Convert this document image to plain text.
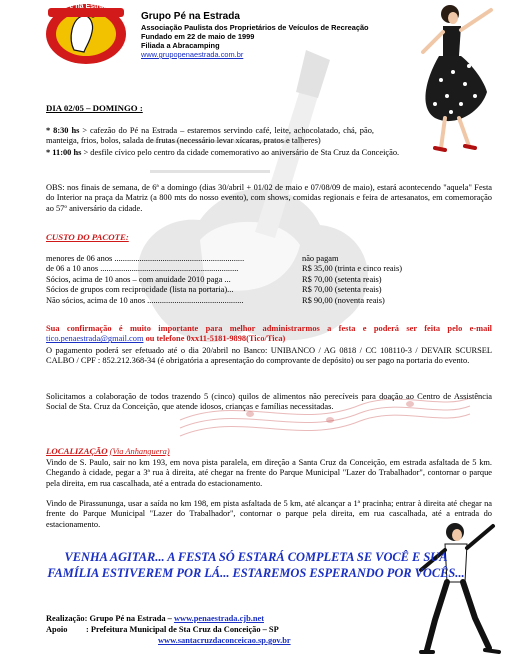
Pé na Estrada
Grupo Pé na Estrada
Associação Paulista dos Proprietários de Veículos de Recreação
Fundado em 22 de maio de 1999
Filiada a Abracamping
www.grupopenaestrada.com.br
DIA 02/05 – DOMINGO :

* 8:30 hs > cafezão do Pé na Estrada – estaremos servindo café, leite, achocolatado, chá, pão, manteiga, frios, bolos, salada de frutas (necessário levar xícaras, pratos e talheres)

* 11:00 hs > desfile cívico pelo centro da cidade comemorativo ao aniversário de Sta Cruz da Conceição.

OBS: nos finais de semana, de 6ª a domingo (dias 30/abril + 01/02 de maio e 07/08/09 de maio), estará acontecendo "aquela" Festa do Interior na praça da Matriz (a 800 mts do nosso evento), com shows, comidas regionais e feira de artesanatos, em comemoração ao 57º aniversário da cidade.

CUSTO DO PACOTE:
menores de 06 anos ..............................................................	não pagam
de 06 a 10 anos ..................................................................	R$ 35,00 (trinta e cinco reais)
Sócios, acima de 10 anos – com anuidade 2010 paga ...	R$ 70,00 (setenta reais)
Sócios de grupos com reciprocidade (lista na portaria)...	R$ 70,00 (setenta reais)
Não sócios, acima de 10 anos ..............................................	R$ 90,00 (noventa reais)

Sua confirmação é muito importante para melhor administrarmos a festa e poderá ser feita pelo e-mail tico.penaestrada@gmail.com ou telefone 0xx11-5181-9898(Tico/Tica)

O pagamento poderá ser efetuado até o dia 20/abril no Banco: UNIBANCO / AG 0818 / CC 108110-3 / DEVAIR SCURSEL CALBO / CPF : 852.212.368-34 (é obrigatória a apresentação do comprovante de depósito) ou ser pago na portaria do evento.

Solicitamos a colaboração de todos trazendo 5 (cinco) quilos de alimentos não perecíveis para doação ao Centro de Assistência Social de Sta. Cruz da Conceição, que atende idosos, crianças e famílias necessitadas.

LOCALIZAÇÃO (Via Anhanguera)

Vindo de S. Paulo, sair no km 193, em nova pista paralela, em direção a Santa Cruz da Conceição, em estrada asfaltada de 5 km. Chegando à cidade, pegar a 3ª rua à direita, até chegar na frente do Parque Municipal "Lazer do Trabalhador", contornar o parque pela direita, em rua cascalhada, até a entrada do estacionamento.

Vindo de Pirassununga, usar a saída no km 198, em pista asfaltada de 5 km, até alcançar a 1ª pracinha; entrar à direita até chegar na frente do Parque Municipal "Lazer do Trabalhador", contornar o parque pela direita, em rua cascalhada, até a entrada do estacionamento.

VENHA AGITAR... A FESTA SÓ ESTARÁ COMPLETA SE VOCÊ E SUA FAMÍLIA ESTIVEREM POR LÁ... ESTAREMOS ESPERANDO POR VOCÊS...
Realização: Grupo Pé na Estrada – www.penaestrada.cjb.net
Apoio : Prefeitura Municipal de Sta Cruz da Conceição – SP
www.santacruzdaconceicao.sp.gov.br
